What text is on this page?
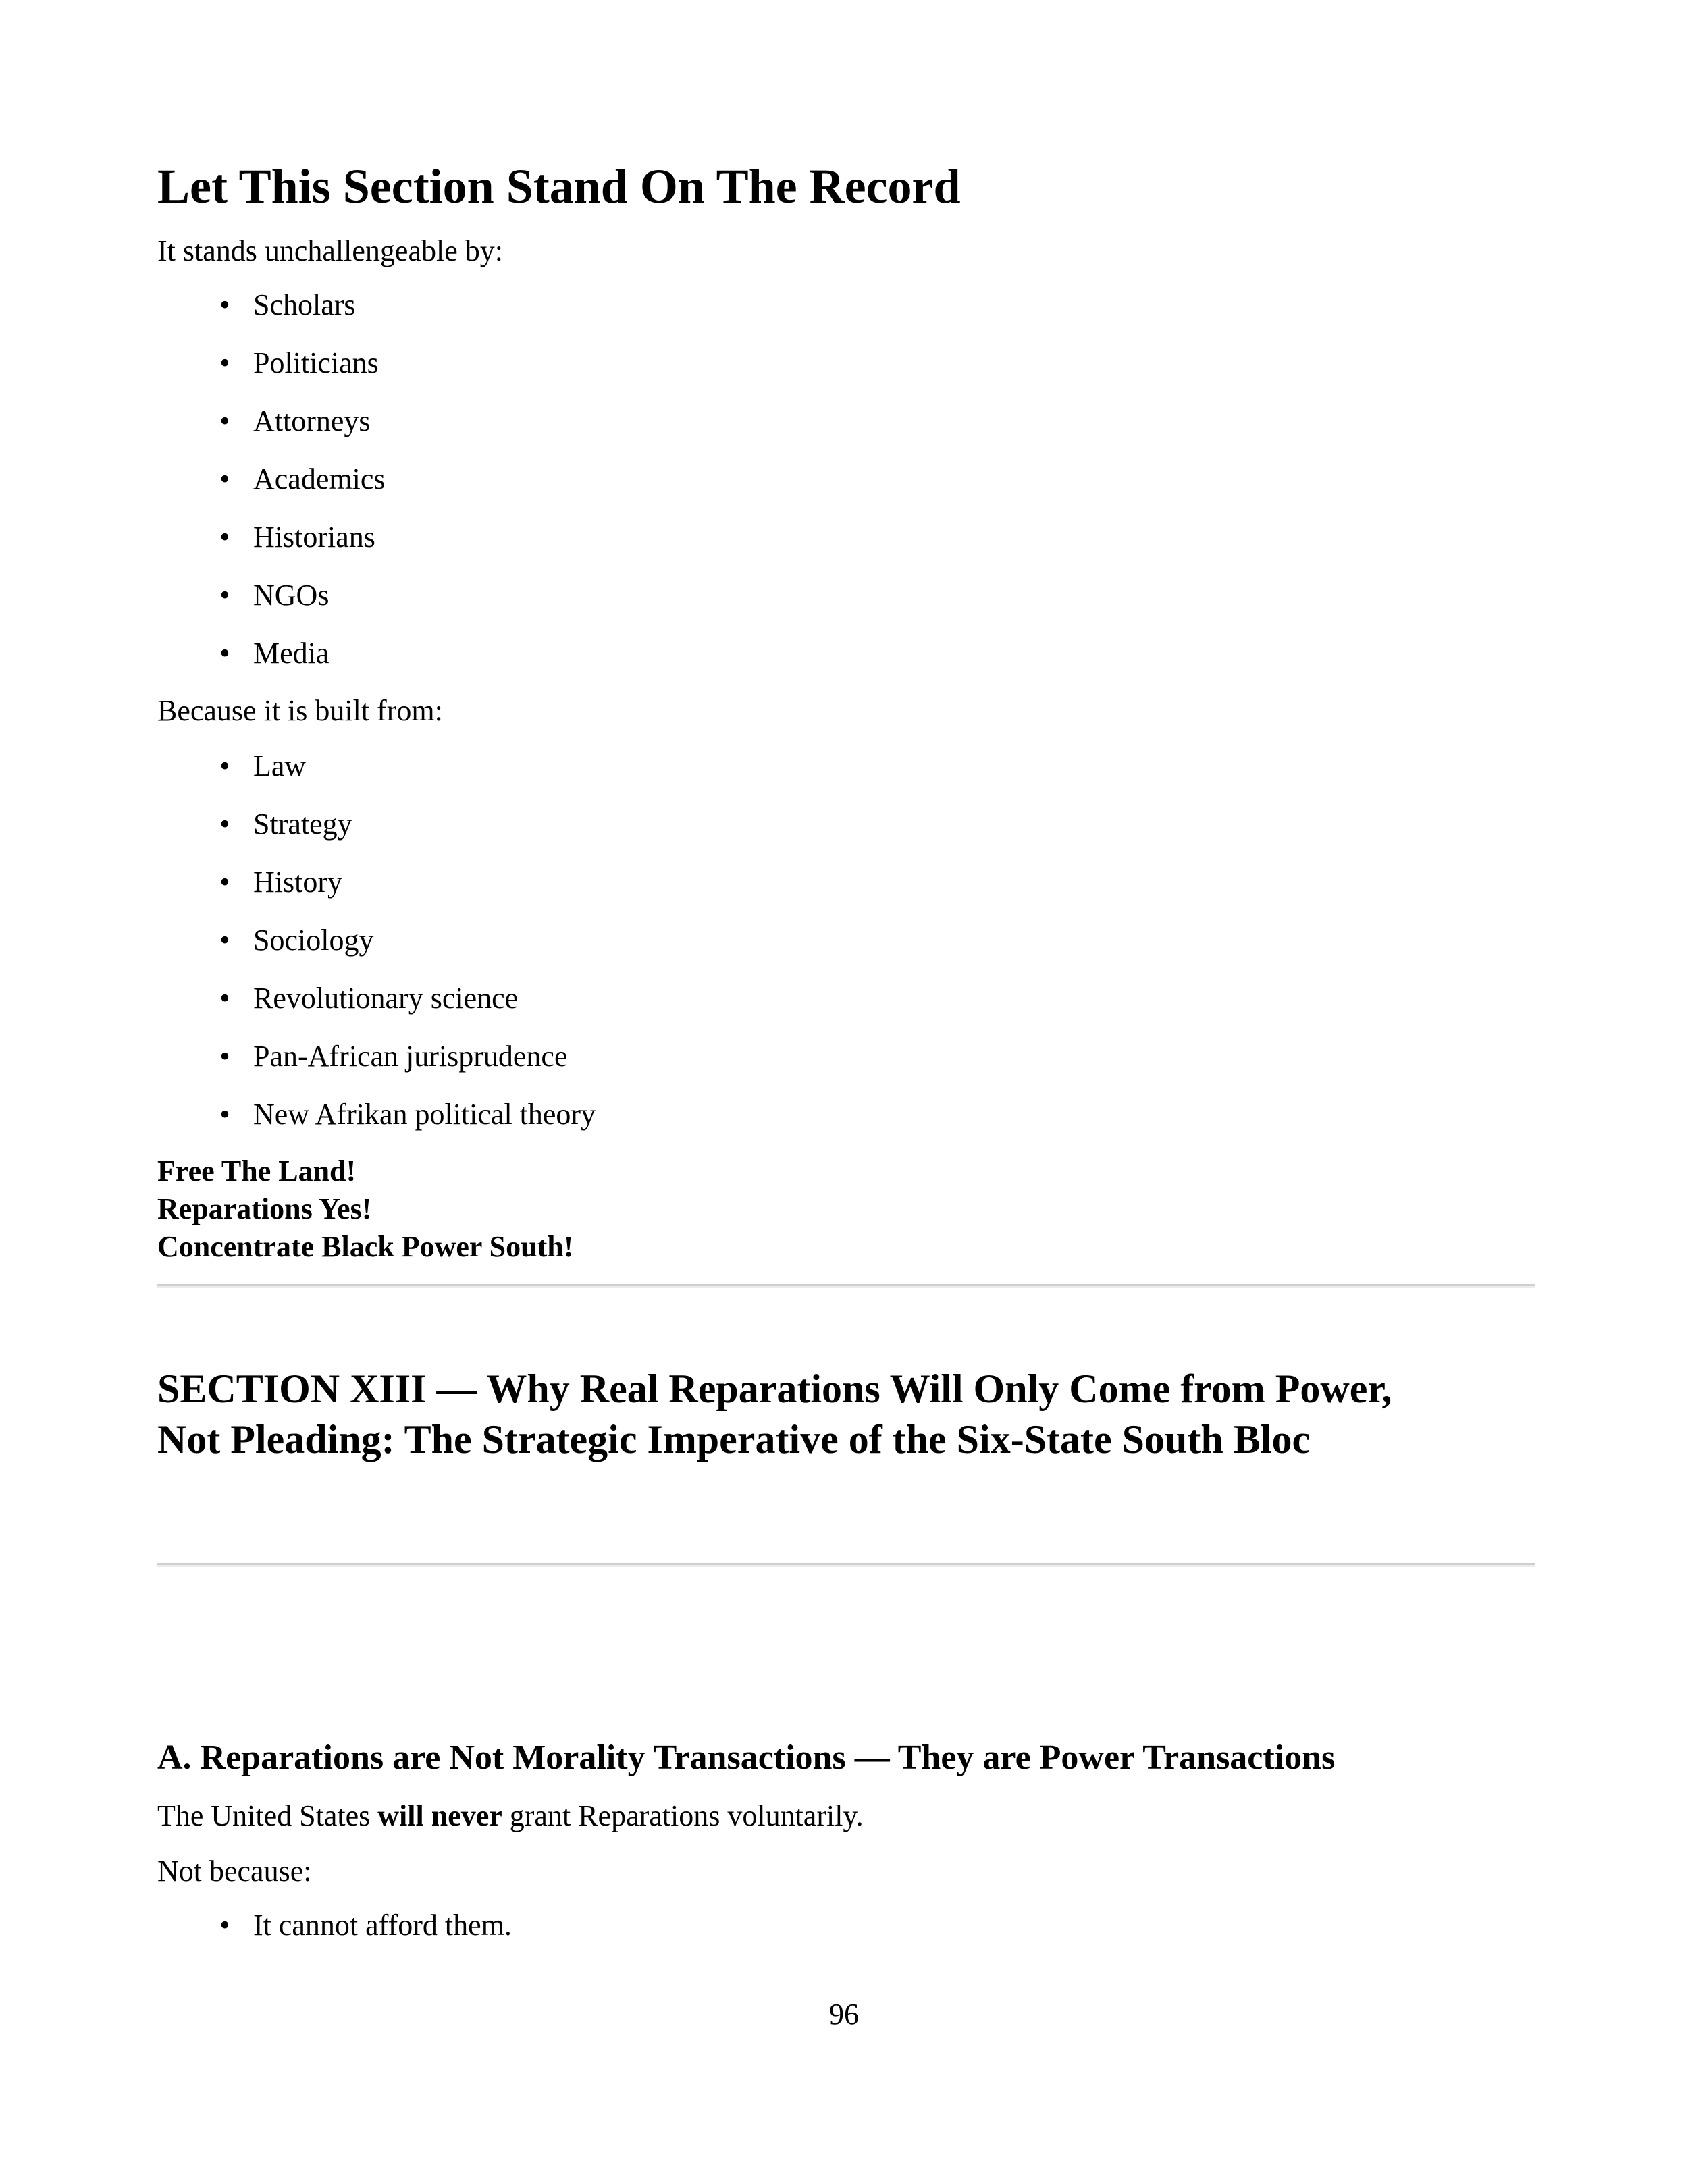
Let This Section Stand On The Record
It stands unchallengeable by:
• Scholars
• Politicians
• Attorneys
• Academics
• Historians
• NGOs
• Media
Because it is built from:
• Law
• Strategy
• History
• Sociology
• Revolutionary science
• Pan-African jurisprudence
• New Afrikan political theory
Free The Land!
Reparations Yes!
Concentrate Black Power South!
SECTION XIII — Why Real Reparations Will Only Come from Power,
Not Pleading: The Strategic Imperative of the Six-State South Bloc
A. Reparations are Not Morality Transactions — They are Power Transactions
The United States will never grant Reparations voluntarily.
Not because:
• It cannot afford them.
96
